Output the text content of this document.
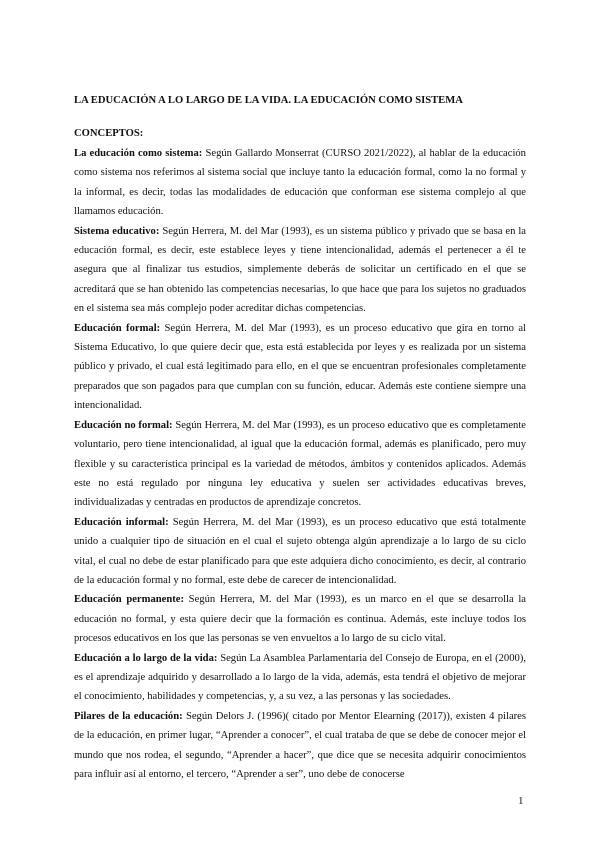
LA EDUCACIÓN A LO LARGO DE LA VIDA. LA EDUCACIÓN COMO SISTEMA
CONCEPTOS:

La educación como sistema: Según Gallardo Monserrat (CURSO 2021/2022), al hablar de la educación como sistema nos referimos al sistema social que incluye tanto la educación formal, como la no formal y la informal, es decir, todas las modalidades de educación que conforman ese sistema complejo al que llamamos educación.

Sistema educativo: Según Herrera, M. del Mar (1993), es un sistema público y privado que se basa en la educación formal, es decir, este establece leyes y tiene intencionalidad, además el pertenecer a él te asegura que al finalizar tus estudios, simplemente deberás de solicitar un certificado en el que se acreditará que se han obtenido las competencias necesarias, lo que hace que para los sujetos no graduados en el sistema sea más complejo poder acreditar dichas competencias.

Educación formal: Según Herrera, M. del Mar (1993), es un proceso educativo que gira en torno al Sistema Educativo, lo que quiere decir que, esta está establecida por leyes y es realizada por un sistema público y privado, el cual está legitimado para ello, en el que se encuentran profesionales completamente preparados que son pagados para que cumplan con su función, educar. Además este contiene siempre una intencionalidad.

Educación no formal: Según Herrera, M. del Mar (1993), es un proceso educativo que es completamente voluntario, pero tiene intencionalidad, al igual que la educación formal, además es planificado, pero muy flexible y su característica principal es la variedad de métodos, ámbitos y contenidos aplicados. Además este no está regulado por ninguna ley educativa y suelen ser actividades educativas breves, individualizadas y centradas en productos de aprendizaje concretos.

Educación informal: Según Herrera, M. del Mar (1993), es un proceso educativo que está totalmente unido a cualquier tipo de situación en el cual el sujeto obtenga algún aprendizaje a lo largo de su ciclo vital, el cual no debe de estar planificado para que este adquiera dicho conocimiento, es decir, al contrario de la educación formal y no formal, este debe de carecer de intencionalidad.

Educación permanente: Según Herrera, M. del Mar (1993), es un marco en el que se desarrolla la educación no formal, y esta quiere decir que la formación es continua. Además, este incluye todos los procesos educativos en los que las personas se ven envueltos a lo largo de su ciclo vital.

Educación a lo largo de la vida: Según La Asamblea Parlamentaria del Consejo de Europa, en el (2000), es el aprendizaje adquirido y desarrollado a lo largo de la vida, además, esta tendrá el objetivo de mejorar el conocimiento, habilidades y competencias, y, a su vez, a las personas y las sociedades.

Pilares de la educación: Según Delors J. (1996)( citado por Mentor Elearning (2017)), existen 4 pilares de la educación, en primer lugar, “Aprender a conocer”, el cual trataba de que se debe de conocer mejor el mundo que nos rodea, el segundo, “Aprender a hacer”, que dice que se necesita adquirir conocimientos para influir así al entorno, el tercero, “Aprender a ser”, uno debe de conocerse

1
